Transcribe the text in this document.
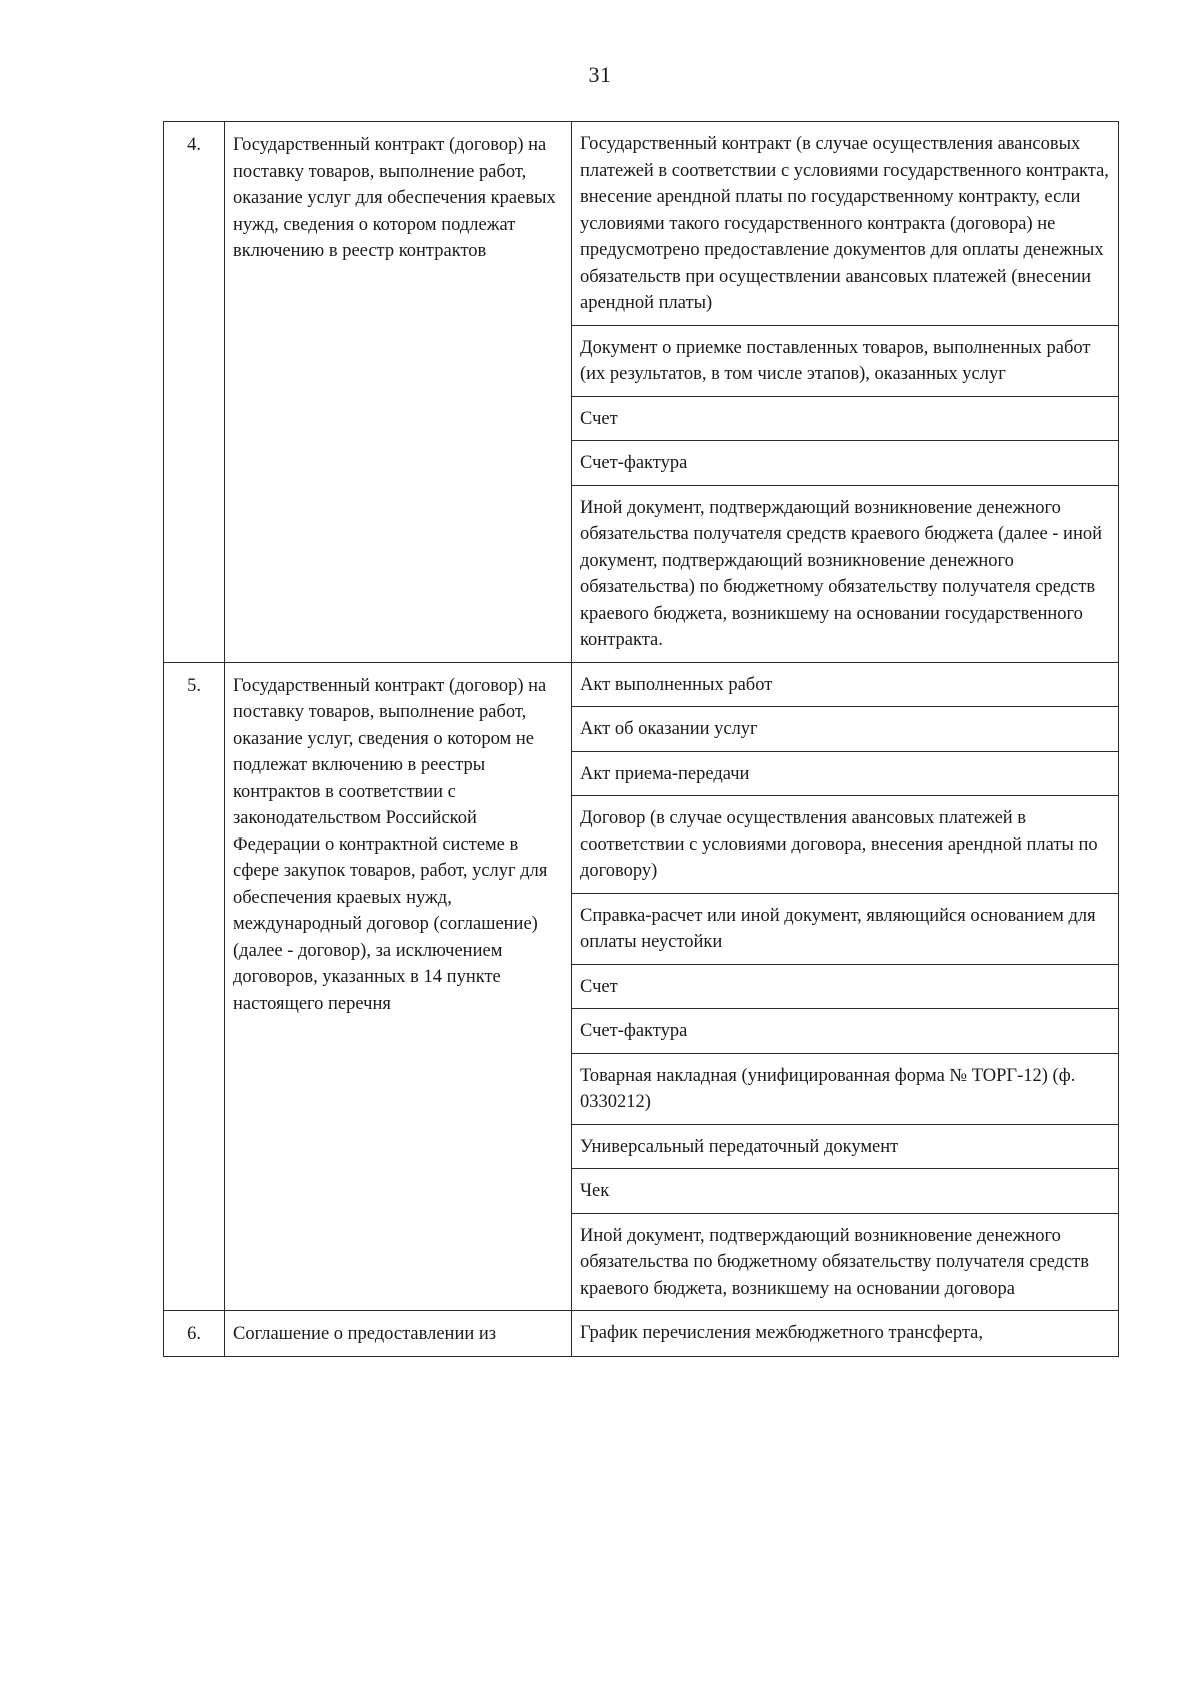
31
4.	Государственный контракт (договор) на поставку товаров, выполнение работ, оказание услуг для обеспечения краевых нужд, сведения о котором подлежат включению в реестр контрактов	Государственный контракт (в случае осуществления авансовых платежей в соответствии с условиями государственного контракта, внесение арендной платы по государственному контракту, если условиями такого государственного контракта (договора) не предусмотрено предоставление документов для оплаты денежных обязательств при осуществлении авансовых платежей (внесении арендной платы)
		Документ о приемке поставленных товаров, выполненных работ (их результатов, в том числе этапов), оказанных услуг
		Счет
		Счет-фактура
		Иной документ, подтверждающий возникновение денежного обязательства получателя средств краевого бюджета (далее - иной документ, подтверждающий возникновение денежного обязательства) по бюджетному обязательству получателя средств краевого бюджета, возникшему на основании государственного контракта.
5.	Государственный контракт (договор) на поставку товаров, выполнение работ, оказание услуг, сведения о котором не подлежат включению в реестры контрактов в соответствии с законодательством Российской Федерации о контрактной системе в сфере закупок товаров, работ, услуг для обеспечения краевых нужд, международный договор (соглашение) (далее - договор), за исключением договоров, указанных в 14 пункте настоящего перечня	Акт выполненных работ
		Акт об оказании услуг
		Акт приема-передачи
		Договор (в случае осуществления авансовых платежей в соответствии с условиями договора, внесения арендной платы по договору)
		Справка-расчет или иной документ, являющийся основанием для оплаты неустойки
		Счет
		Счет-фактура
		Товарная накладная (унифицированная форма № ТОРГ-12) (ф. 0330212)
		Универсальный передаточный документ
		Чек
		Иной документ, подтверждающий возникновение денежного обязательства по бюджетному обязательству получателя средств краевого бюджета, возникшему на основании договора
6.	Соглашение о предоставлении из	График перечисления межбюджетного трансферта,
